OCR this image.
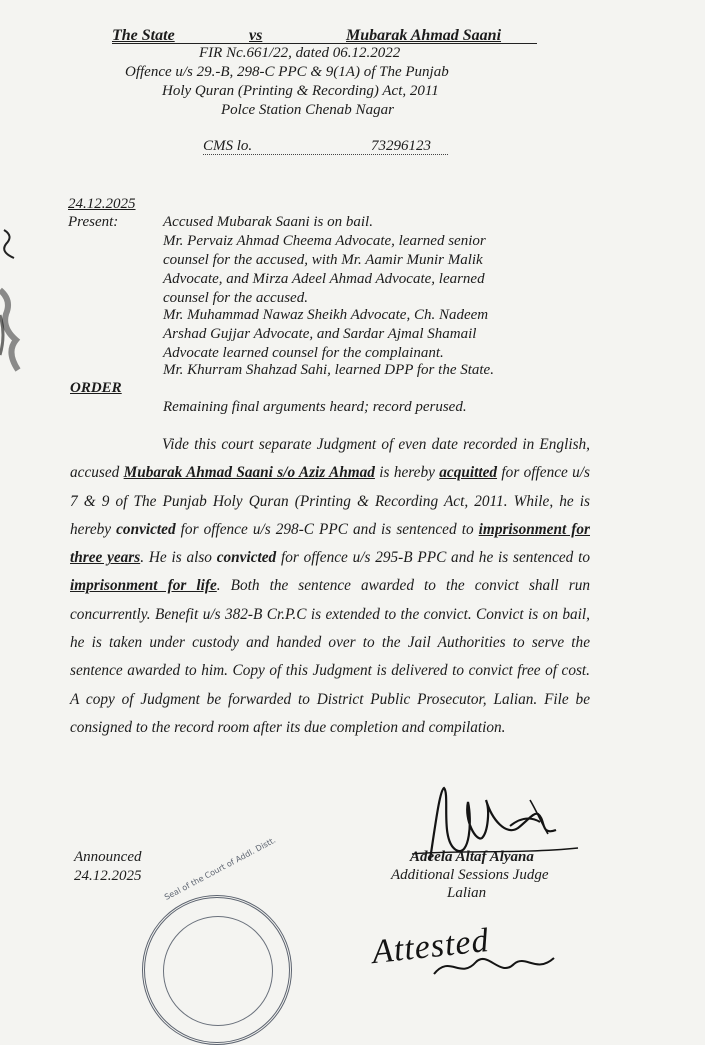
The State	vs	Mubarak Ahmad Saani
FIR Nc.661/22, dated 06.12.2022
Offence u/s 29.-B, 298-C PPC & 9(1A) of The Punjab
Holy Quran (Printing & Recording) Act, 2011
Polce Station Chenab Nagar
CMS lo.	73296123
24.12.2025
Present:	Accused Mubarak Saani is on bail.
Mr. Pervaiz Ahmad Cheema Advocate, learned senior
counsel for the accused, with Mr. Aamir Munir Malik
Advocate, and Mirza Adeel Ahmad Advocate, learned
counsel for the accused.
Mr. Muhammad Nawaz Sheikh Advocate, Ch. Nadeem
Arshad Gujjar Advocate, and Sardar Ajmal Shamail
Advocate learned counsel for the complainant.
Mr. Khurram Shahzad Sahi, learned DPP for the State.
ORDER
Remaining final arguments heard; record perused.
Vide this court separate Judgment of even date recorded in English, accused Mubarak Ahmad Saani s/o Aziz Ahmad is hereby acquitted for offence u/s 7 & 9 of The Punjab Holy Quran (Printing & Recording Act, 2011. While, he is hereby convicted for offence u/s 298-C PPC and is sentenced to imprisonment for three years. He is also convicted for offence u/s 295-B PPC and he is sentenced to imprisonment for life. Both the sentence awarded to the convict shall run concurrently. Benefit u/s 382-B Cr.P.C is extended to the convict. Convict is on bail, he is taken under custody and handed over to the Jail Authorities to serve the sentence awarded to him. Copy of this Judgment is delivered to convict free of cost. A copy of Judgment be forwarded to District Public Prosecutor, Lalian. File be consigned to the record room after its due completion and compilation.
Announced
24.12.2025
Adeela Altaf Alyana
Additional Sessions Judge
Lalian
Attested
Seal of the Court of Addl. Distt.
